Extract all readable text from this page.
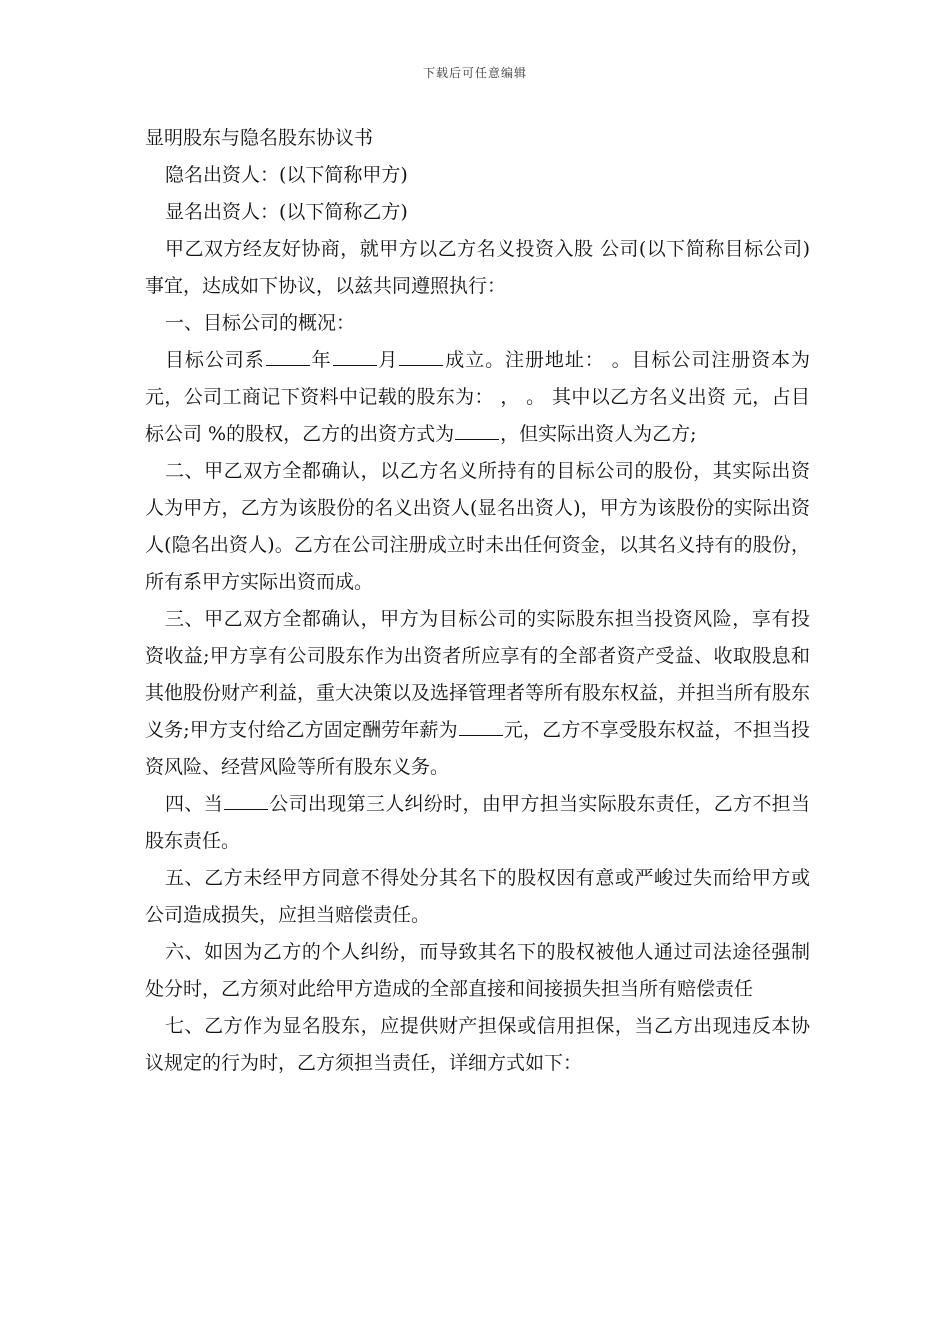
下载后可任意编辑

显明股东与隐名股东协议书

隐名出资人：(以下简称甲方)

显名出资人：(以下简称乙方)

甲乙双方经友好协商，就甲方以乙方名义投资入股 公司(以下简称目标公司)事宜，达成如下协议，以兹共同遵照执行：

一、目标公司的概况：

目标公司系 年 月 成立。注册地址： 。目标公司注册资本为 元，公司工商记下资料中记载的股东为： ， 。 其中以乙方名义出资 元，占目标公司 %的股权，乙方的出资方式为 ，但实际出资人为乙方;

二、甲乙双方全都确认，以乙方名义所持有的目标公司的股份，其实际出资人为甲方，乙方为该股份的名义出资人(显名出资人)，甲方为该股份的实际出资人(隐名出资人)。乙方在公司注册成立时未出任何资金，以其名义持有的股份，所有系甲方实际出资而成。

三、甲乙双方全都确认，甲方为目标公司的实际股东担当投资风险，享有投资收益;甲方享有公司股东作为出资者所应享有的全部者资产受益、收取股息和其他股份财产利益，重大决策以及选择管理者等所有股东权益，并担当所有股东义务;甲方支付给乙方固定酬劳年薪为 元，乙方不享受股东权益，不担当投资风险、经营风险等所有股东义务。

四、当 公司出现第三人纠纷时，由甲方担当实际股东责任，乙方不担当股东责任。

五、乙方未经甲方同意不得处分其名下的股权因有意或严峻过失而给甲方或公司造成损失，应担当赔偿责任。

六、如因为乙方的个人纠纷，而导致其名下的股权被他人通过司法途径强制处分时，乙方须对此给甲方造成的全部直接和间接损失担当所有赔偿责任

七、乙方作为显名股东，应提供财产担保或信用担保，当乙方出现违反本协议规定的行为时，乙方须担当责任，详细方式如下：
